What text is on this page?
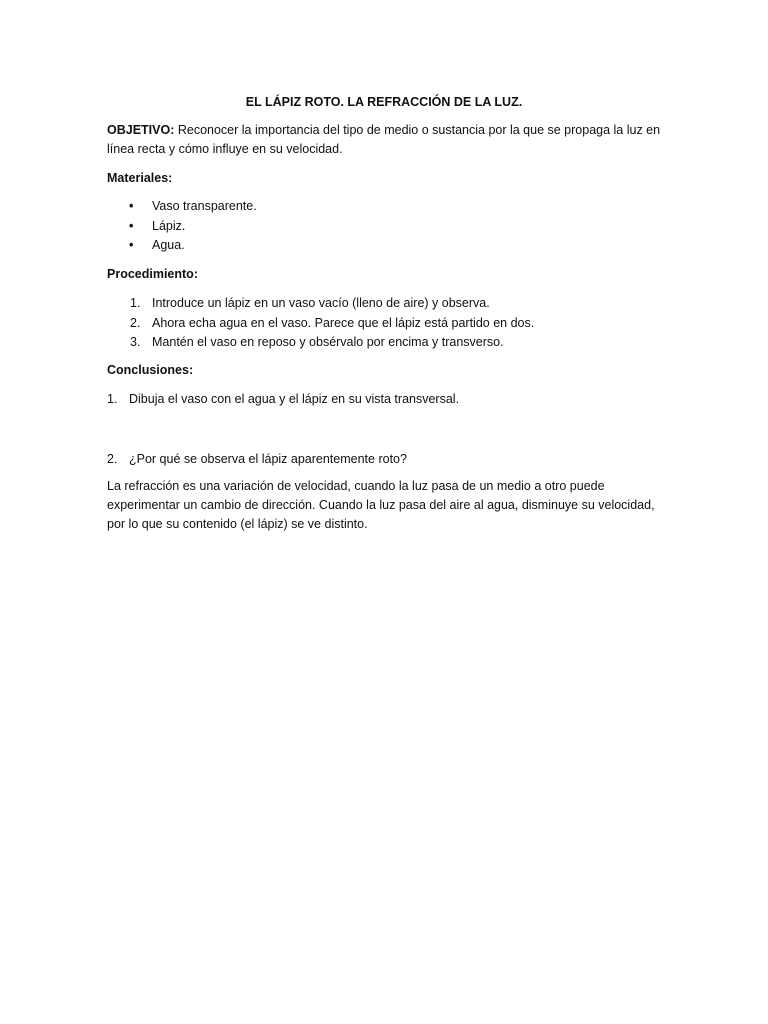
EL LÁPIZ ROTO. LA REFRACCIÓN DE LA LUZ.
OBJETIVO: Reconocer la importancia del tipo de medio o sustancia por la que se propaga la luz en
línea recta y cómo influye en su velocidad.
Materiales:
• Vaso transparente.
• Lápiz.
• Agua.
Procedimiento:
1. Introduce un lápiz en un vaso vacío (lleno de aire) y observa.
2. Ahora echa agua en el vaso. Parece que el lápiz está partido en dos.
3. Mantén el vaso en reposo y obsérvalo por encima y transverso.
Conclusiones:
1. Dibuja el vaso con el agua y el lápiz en su vista transversal.
2. ¿Por qué se observa el lápiz aparentemente roto?
La refracción es una variación de velocidad, cuando la luz pasa de un medio a otro puede
experimentar un cambio de dirección. Cuando la luz pasa del aire al agua, disminuye su velocidad,
por lo que su contenido (el lápiz) se ve distinto.
